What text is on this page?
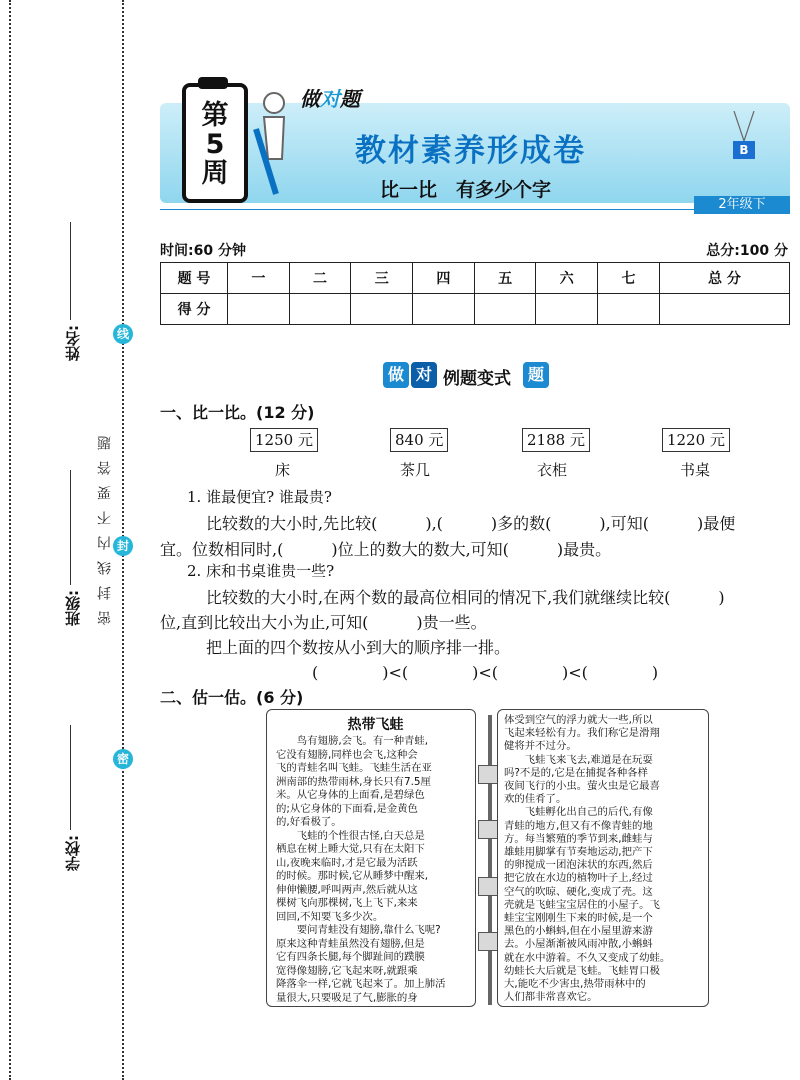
姓名:
班级:
学校:
线
封
密
密封线内不要答题
第
5
周
做对题
教材素养形成卷
比一比　有多少个字
B
2年级下
时间:60 分钟	总分:100 分
题 号	一	二	三	四	五	六	七	总 分
得 分								
做 对 例题变式	题
一、比一比。(12 分)
1250 元	840 元	2188 元	1220 元
床	茶几	衣柜	书桌
1. 谁最便宜? 谁最贵?
比较数的大小时,先比较(　　　),(　　　)多的数(　　　),可知(　　　)最便
宜。位数相同时,(　　　)位上的数大的数大,可知(　　　)最贵。
2. 床和书桌谁贵一些?
比较数的大小时,在两个数的最高位相同的情况下,我们就继续比较(　　　)
位,直到比较出大小为止,可知(　　　)贵一些。
把上面的四个数按从小到大的顺序排一排。
(　　　　)<(　　　　)<(　　　　)<(　　　　)
二、估一估。(6 分)
热带飞蛙
　　鸟有翅膀,会飞。有一种青蛙,
它没有翅膀,同样也会飞,这种会
飞的青蛙名叫飞蛙。飞蛙生活在亚
洲南部的热带雨林,身长只有7.5厘
米。从它身体的上面看,是碧绿色
的;从它身体的下面看,是金黄色
的,好看极了。
　　飞蛙的个性很古怪,白天总是
栖息在树上睡大觉,只有在太阳下
山,夜晚来临时,才是它最为活跃
的时候。那时候,它从睡梦中醒来,
伸伸懒腰,呼叫两声,然后就从这
棵树飞向那棵树,飞上飞下,来来
回回,不知要飞多少次。
　　要问青蛙没有翅膀,靠什么飞呢?
原来这种青蛙虽然没有翅膀,但是
它有四条长腿,每个脚趾间的蹼膜
宽得像翅膀,它飞起来呀,就跟乘
降落伞一样,它就飞起来了。加上肺活
量很大,只要吸足了气,膨胀的身
体受到空气的浮力就大一些,所以
飞起来轻松有力。我们称它是滑翔
健将并不过分。
　　飞蛙飞来飞去,难道是在玩耍
吗?不是的,它是在捕捉各种各样
夜间飞行的小虫。萤火虫是它最喜
欢的佳肴了。
　　飞蛙孵化出自己的后代,有像
青蛙的地方,但又有不像青蛙的地
方。每当繁殖的季节到来,雌蛙与
雄蛙用脚掌有节奏地运动,把产下
的卵搅成一团泡沫状的东西,然后
把它放在水边的植物叶子上,经过
空气的吹晾、硬化,变成了壳。这
壳就是飞蛙宝宝居住的小屋子。飞
蛙宝宝刚刚生下来的时候,是一个
黑色的小蝌蚪,但在小屋里游来游
去。小屋渐渐被风雨冲散,小蝌蚪
就在水中游着。不久又变成了幼蛙。
幼蛙长大后就是飞蛙。飞蛙胃口极
大,能吃不少害虫,热带雨林中的
人们都非常喜欢它。
